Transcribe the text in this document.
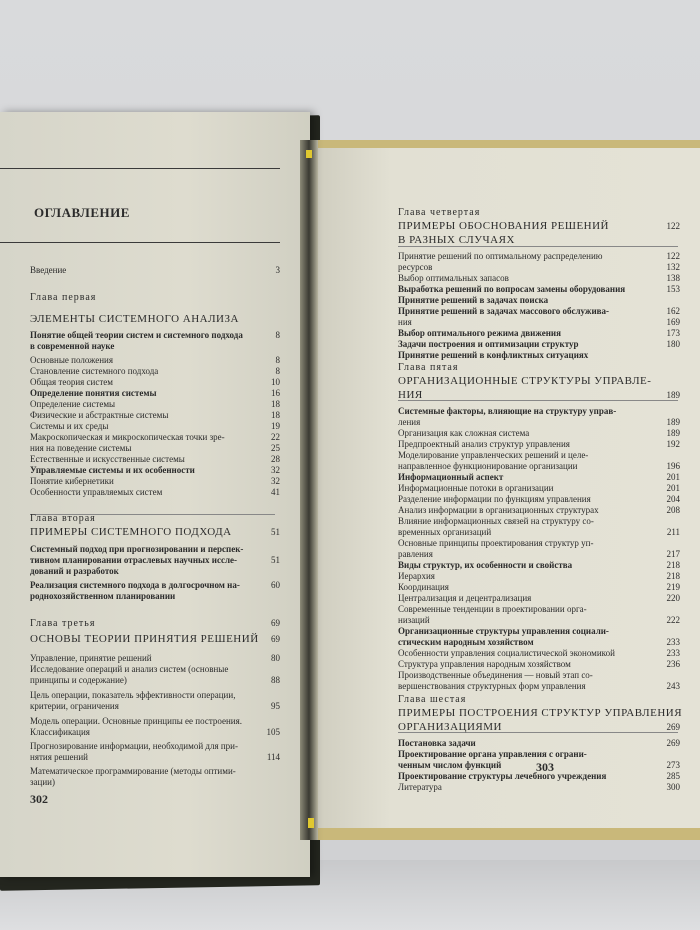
ОГЛАВЛЕНИЕ
302
Введение	3
Глава первая
ЭЛЕМЕНТЫ СИСТЕМНОГО АНАЛИЗА
Понятие общей теории систем и системного подхода	8
в современной науке
Основные положения	8
Становление системного подхода	8
Общая теория систем	10
Определение понятия системы	16
Определение системы	18
Физические и абстрактные системы	18
Системы и их среды	19
Макроскопическая и микроскопическая точки зре-	22
ния на поведение системы	25
Естественные и искусственные системы	28
Управляемые системы и их особенности	32
Понятие кибернетики	32
Особенности управляемых систем	41
Глава вторая
ПРИМЕРЫ СИСТЕМНОГО ПОДХОДА	51
Системный подход при прогнозировании и перспек-
тивном планировании отраслевых научных иссле-	51
дований и разработок
Реализация системного подхода в долгосрочном на-	60
роднохозяйственном планировании
Глава третья	69
ОСНОВЫ ТЕОРИИ ПРИНЯТИЯ РЕШЕНИЙ	69
Управление, принятие решений	80
Исследование операций и анализ систем (основные
принципы и содержание)	88
Цель операции, показатель эффективности операции,
критерии, ограничения	95
Модель операции. Основные принципы ее построения.
Классификация	105
Прогнозирование информации, необходимой для при-
нятия решений	114
Математическое программирование (методы оптими-
зации)
303
Глава четвертая
ПРИМЕРЫ ОБОСНОВАНИЯ РЕШЕНИЙ	122
В РАЗНЫХ СЛУЧАЯХ
Принятие решений по оптимальному распределению	122
ресурсов	132
Выбор оптимальных запасов	138
Выработка решений по вопросам замены оборудования	153
Принятие решений в задачах поиска
Принятие решений в задачах массового обслужива-	162
ния	169
Выбор оптимального режима движения	173
Задачи построения и оптимизации структур	180
Принятие решений в конфликтных ситуациях
Глава пятая
ОРГАНИЗАЦИОННЫЕ СТРУКТУРЫ УПРАВЛЕ-
НИЯ	189
Системные факторы, влияющие на структуру управ-
ления	189
Организация как сложная система	189
Предпроектный анализ структур управления	192
Моделирование управленческих решений и целе-
направленное функционирование организации	196
Информационный аспект	201
Информационные потоки в организации	201
Разделение информации по функциям управления	204
Анализ информации в организационных структурах	208
Влияние информационных связей на структуру со-
временных организаций	211
Основные принципы проектирования структур уп-
равления	217
Виды структур, их особенности и свойства	218
Иерархия	218
Координация	219
Централизация и децентрализация	220
Современные тенденции в проектировании орга-
низаций	222
Организационные структуры управления социали-
стическим народным хозяйством	233
Особенности управления социалистической экономикой	233
Структура управления народным хозяйством	236
Производственные объединения — новый этап со-
вершенствования структурных форм управления	243
Глава шестая
ПРИМЕРЫ ПОСТРОЕНИЯ СТРУКТУР УПРАВЛЕНИЯ
ОРГАНИЗАЦИЯМИ	269
Постановка задачи	269
Проектирование органа управления с ограни-
ченным числом функций	273
Проектирование структуры лечебного учреждения	285
Литература	300
